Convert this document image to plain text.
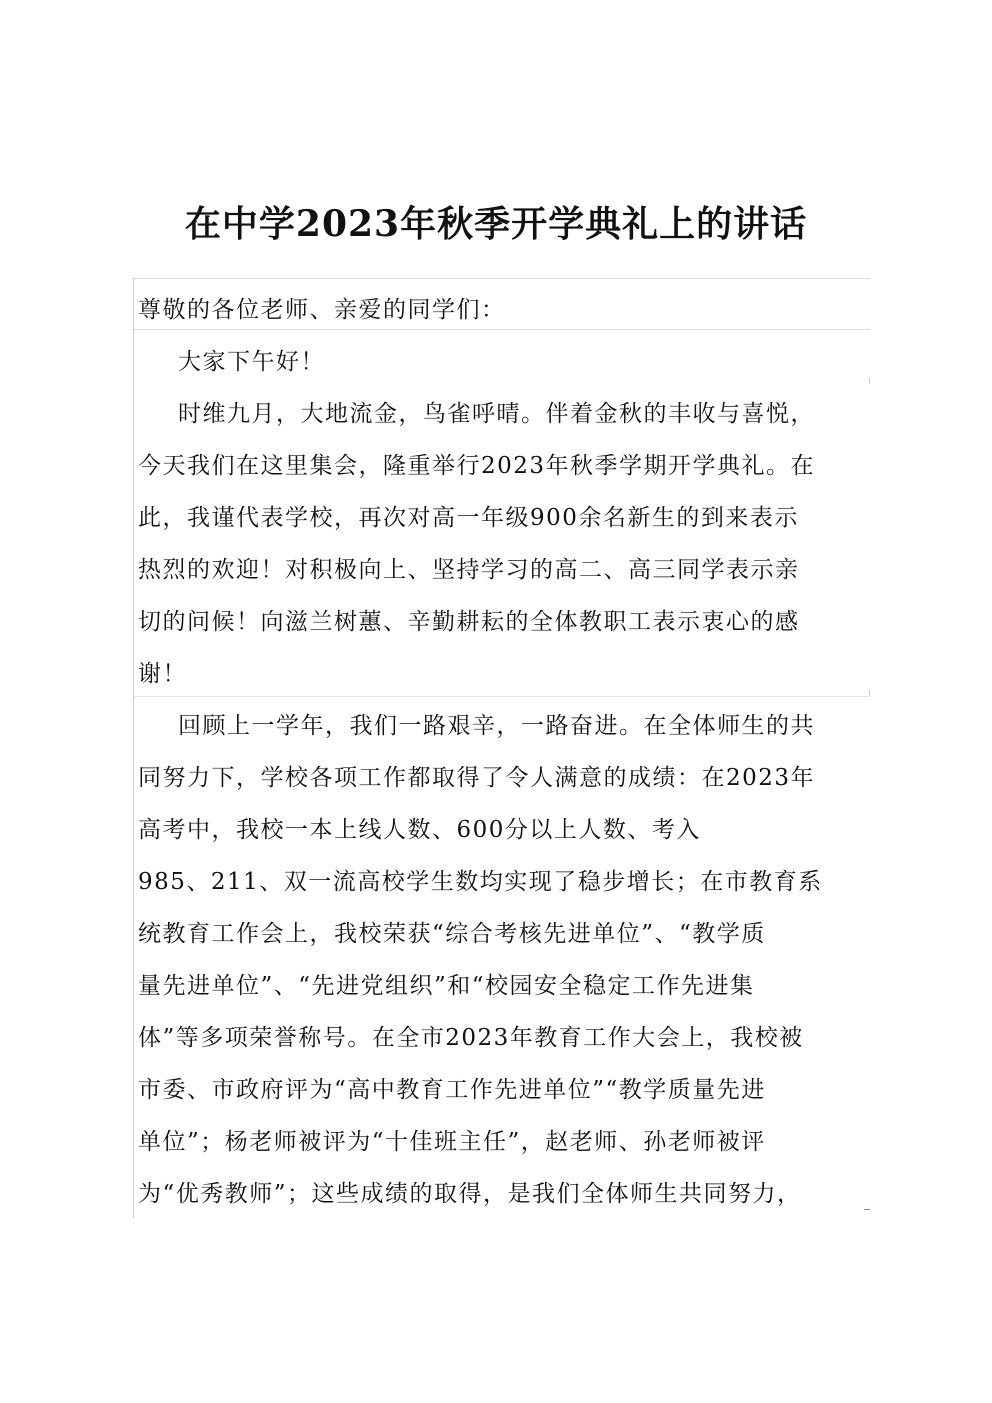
在中学2023年秋季开学典礼上的讲话

尊敬的各位老师、亲爱的同学们：

大家下午好！

时维九月，大地流金，鸟雀呼晴。伴着金秋的丰收与喜悦，
今天我们在这里集会，隆重举行2023年秋季学期开学典礼。在
此，我谨代表学校，再次对高一年级900余名新生的到来表示
热烈的欢迎！对积极向上、坚持学习的高二、高三同学表示亲
切的问候！向滋兰树蕙、辛勤耕耘的全体教职工表示衷心的感
谢！

回顾上一学年，我们一路艰辛，一路奋进。在全体师生的共
同努力下，学校各项工作都取得了令人满意的成绩：在2023年
高考中，我校一本上线人数、600分以上人数、考入
985、211、双一流高校学生数均实现了稳步增长；在市教育系
统教育工作会上，我校荣获“综合考核先进单位”、“教学质
量先进单位”、“先进党组织”和“校园安全稳定工作先进集
体”等多项荣誉称号。在全市2023年教育工作大会上，我校被
市委、市政府评为“高中教育工作先进单位”“教学质量先进
单位”；杨老师被评为“十佳班主任”，赵老师、孙老师被评
为“优秀教师”；这些成绩的取得，是我们全体师生共同努力，
